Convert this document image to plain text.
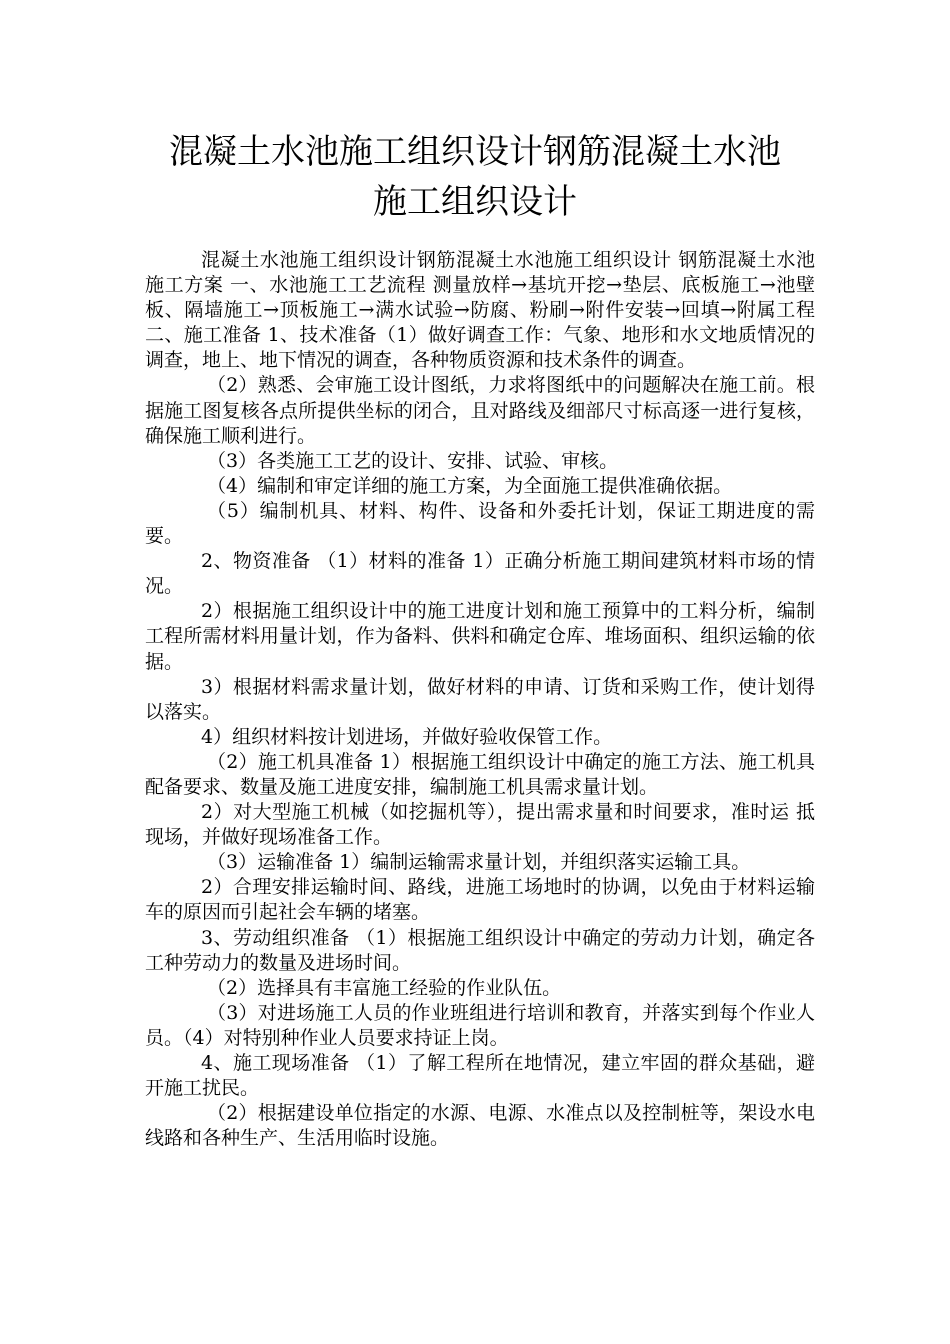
混凝土水池施工组织设计钢筋混凝土水池
施工组织设计

混凝土水池施工组织设计钢筋混凝土水池施工组织设计 钢筋混凝土水池施工方案 一、水池施工工艺流程 测量放样→基坑开挖→垫层、底板施工→池壁板、隔墙施工→顶板施工→满水试验→防腐、粉刷→附件安装→回填→附属工程 二、施工准备 1、技术准备（1）做好调查工作：气象、地形和水文地质情况的调查，地上、地下情况的调查，各种物质资源和技术条件的调查。

（2）熟悉、会审施工设计图纸，力求将图纸中的问题解决在施工前。根据施工图复核各点所提供坐标的闭合，且对路线及细部尺寸标高逐一进行复核，确保施工顺利进行。

（3）各类施工工艺的设计、安排、试验、审核。

（4）编制和审定详细的施工方案，为全面施工提供准确依据。

（5）编制机具、材料、构件、设备和外委托计划，保证工期进度的需要。

2、物资准备 （1）材料的准备 1）正确分析施工期间建筑材料市场的情况。

2）根据施工组织设计中的施工进度计划和施工预算中的工料分析，编制工程所需材料用量计划，作为备料、供料和确定仓库、堆场面积、组织运输的依据。

3）根据材料需求量计划，做好材料的申请、订货和采购工作，使计划得以落实。

4）组织材料按计划进场，并做好验收保管工作。

（2）施工机具准备 1）根据施工组织设计中确定的施工方法、施工机具配备要求、数量及施工进度安排，编制施工机具需求量计划。

2）对大型施工机械（如挖掘机等），提出需求量和时间要求，准时运 抵现场，并做好现场准备工作。

（3）运输准备 1）编制运输需求量计划，并组织落实运输工具。

2）合理安排运输时间、路线，进施工场地时的协调，以免由于材料运输车的原因而引起社会车辆的堵塞。

3、劳动组织准备 （1）根据施工组织设计中确定的劳动力计划，确定各工种劳动力的数量及进场时间。

（2）选择具有丰富施工经验的作业队伍。

（3）对进场施工人员的作业班组进行培训和教育，并落实到每个作业人员。（4）对特别种作业人员要求持证上岗。

4、施工现场准备 （1）了解工程所在地情况，建立牢固的群众基础，避开施工扰民。

（2）根据建设单位指定的水源、电源、水准点以及控制桩等，架设水电线路和各种生产、生活用临时设施。
